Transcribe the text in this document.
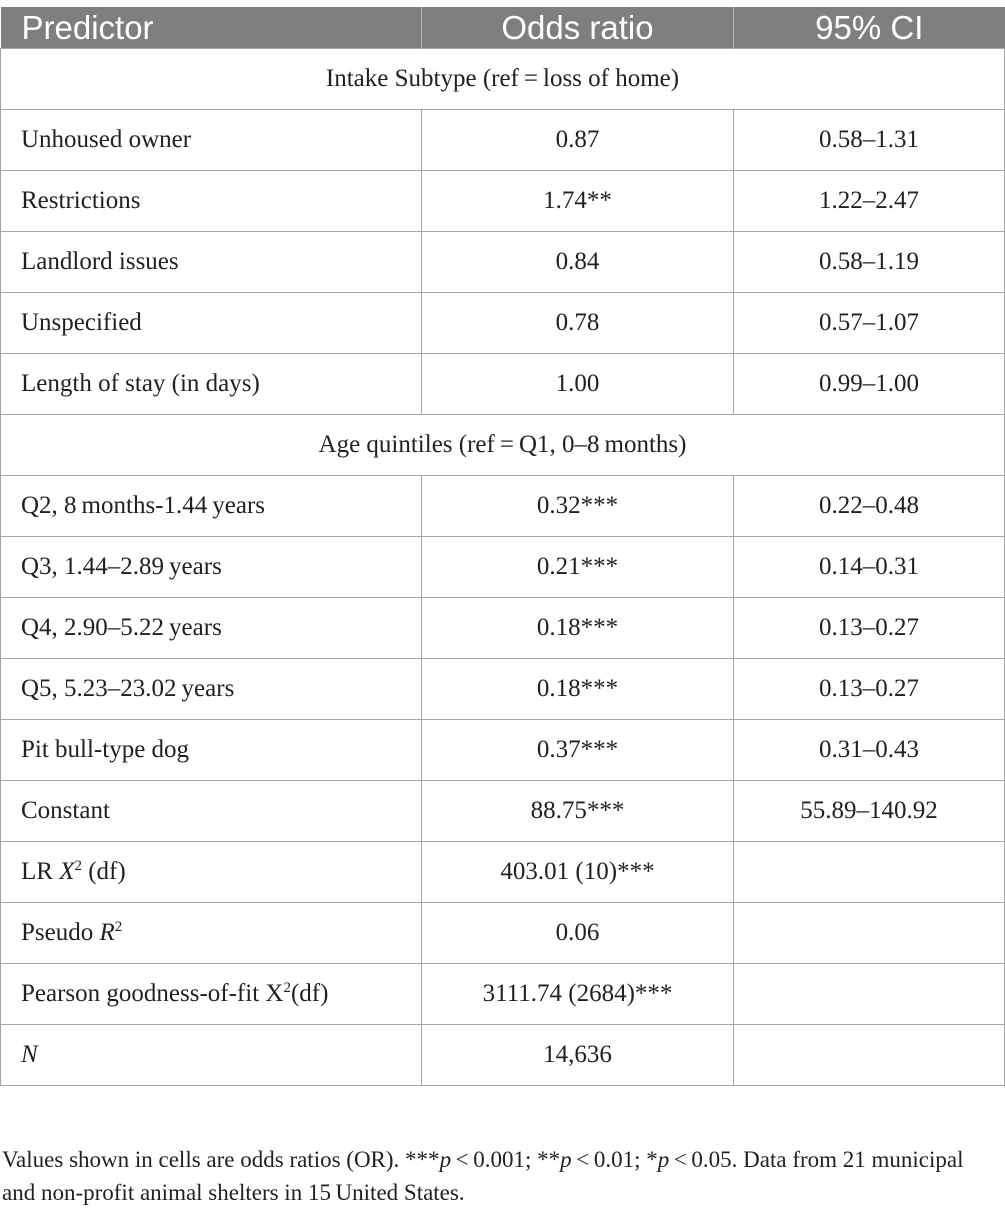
Predictor	Odds ratio	95% CI
Intake Subtype (ref = loss of home)		
Unhoused owner	0.87	0.58–1.31
Restrictions	1.74**	1.22–2.47
Landlord issues	0.84	0.58–1.19
Unspecified	0.78	0.57–1.07
Length of stay (in days)	1.00	0.99–1.00
Age quintiles (ref = Q1, 0–8 months)		
Q2, 8 months-1.44 years	0.32***	0.22–0.48
Q3, 1.44–2.89 years	0.21***	0.14–0.31
Q4, 2.90–5.22 years	0.18***	0.13–0.27
Q5, 5.23–23.02 years	0.18***	0.13–0.27
Pit bull-type dog	0.37***	0.31–0.43
Constant	88.75***	55.89–140.92
LR $X^2$ (df)	403.01 (10)***	
Pseudo $R^2$	0.06	
Pearson goodness-of-fit $X^2(df)$	3111.74 (2684)***	
N	14,636	
Values shown in cells are odds ratios (OR). ***p < 0.001; **p < 0.01; *p < 0.05. Data from 21 municipal and non-profit animal shelters in 15 United States.
